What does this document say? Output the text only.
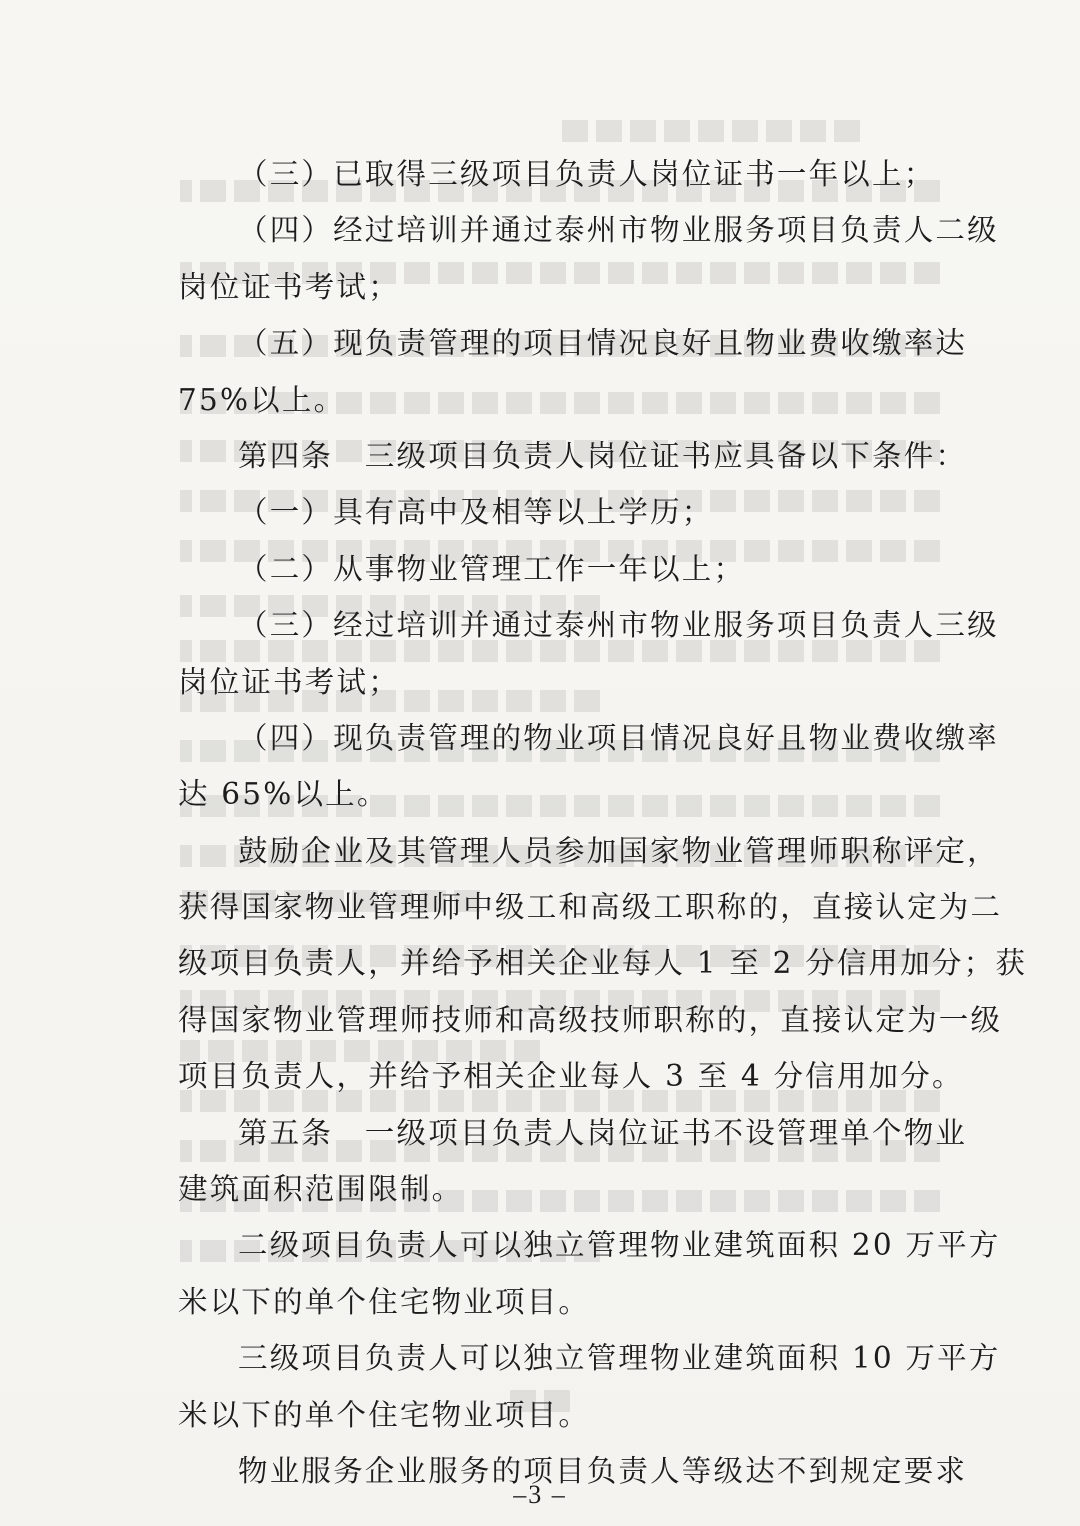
（三）已取得三级项目负责人岗位证书一年以上；
（四）经过培训并通过泰州市物业服务项目负责人二级
岗位证书考试；
（五）现负责管理的项目情况良好且物业费收缴率达
75%以上。
第四条　三级项目负责人岗位证书应具备以下条件：
（一）具有高中及相等以上学历；
（二）从事物业管理工作一年以上；
（三）经过培训并通过泰州市物业服务项目负责人三级
岗位证书考试；
（四）现负责管理的物业项目情况良好且物业费收缴率
达 65%以上。
鼓励企业及其管理人员参加国家物业管理师职称评定，
获得国家物业管理师中级工和高级工职称的，直接认定为二
级项目负责人，并给予相关企业每人 1 至 2 分信用加分；获
得国家物业管理师技师和高级技师职称的，直接认定为一级
项目负责人，并给予相关企业每人 3 至 4 分信用加分。
第五条　一级项目负责人岗位证书不设管理单个物业
建筑面积范围限制。
二级项目负责人可以独立管理物业建筑面积 20 万平方
米以下的单个住宅物业项目。
三级项目负责人可以独立管理物业建筑面积 10 万平方
米以下的单个住宅物业项目。
物业服务企业服务的项目负责人等级达不到规定要求
–3 –
